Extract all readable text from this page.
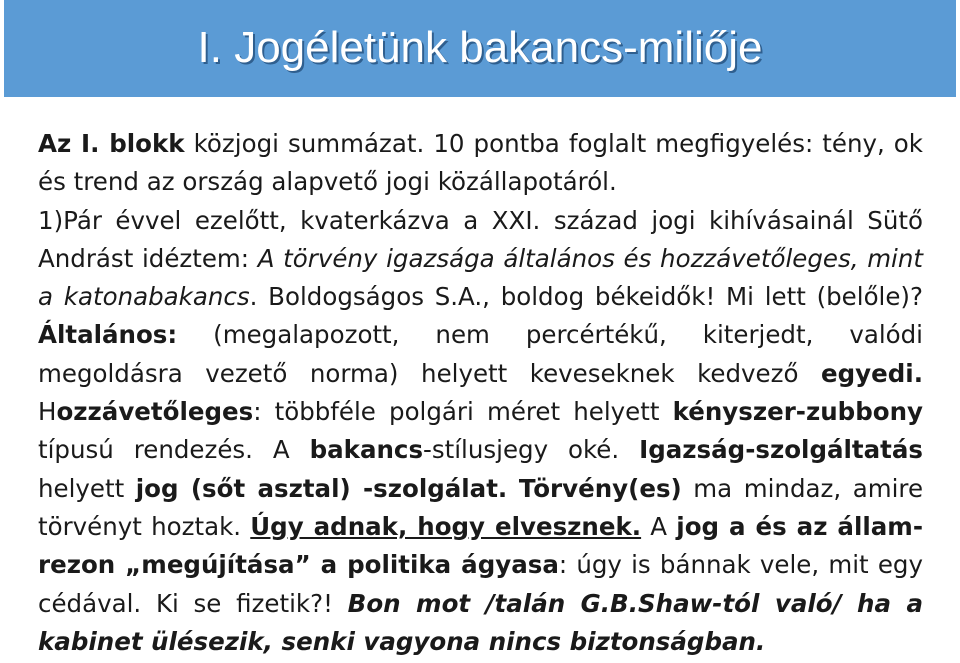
I. Jogéletünk bakancs-miliője

Az I. blokk közjogi summázat. 10 pontba foglalt megfigyelés: tény, ok és trend az ország alapvető jogi közállapotáról.

1)Pár évvel ezelőtt, kvaterkázva a XXI. század jogi kihívásainál Sütő Andrást idéztem: A törvény igazsága általános és hozzávetőleges, mint a katonabakancs. Boldogságos S.A., boldog békeidők! Mi lett (belőle)? Általános: (megalapozott, nem percértékű, kiterjedt, valódi megoldásra vezető norma) helyett keveseknek kedvező egyedi. Hozzávetőleges: többféle polgári méret helyett kényszer-zubbony típusú rendezés. A bakancs-stílusjegy oké. Igazság-szolgáltatás helyett jog (sőt asztal) -szolgálat. Törvény(es) ma mindaz, amire törvényt hoztak. Úgy adnak, hogy elvesznek. A jog a és az állam-rezon „megújítása” a politika ágyasa: úgy is bánnak vele, mit egy cédával. Ki se fizetik?! Bon mot /talán G.B.Shaw-tól való/ ha a kabinet ülésezik, senki vagyona nincs biztonságban.
